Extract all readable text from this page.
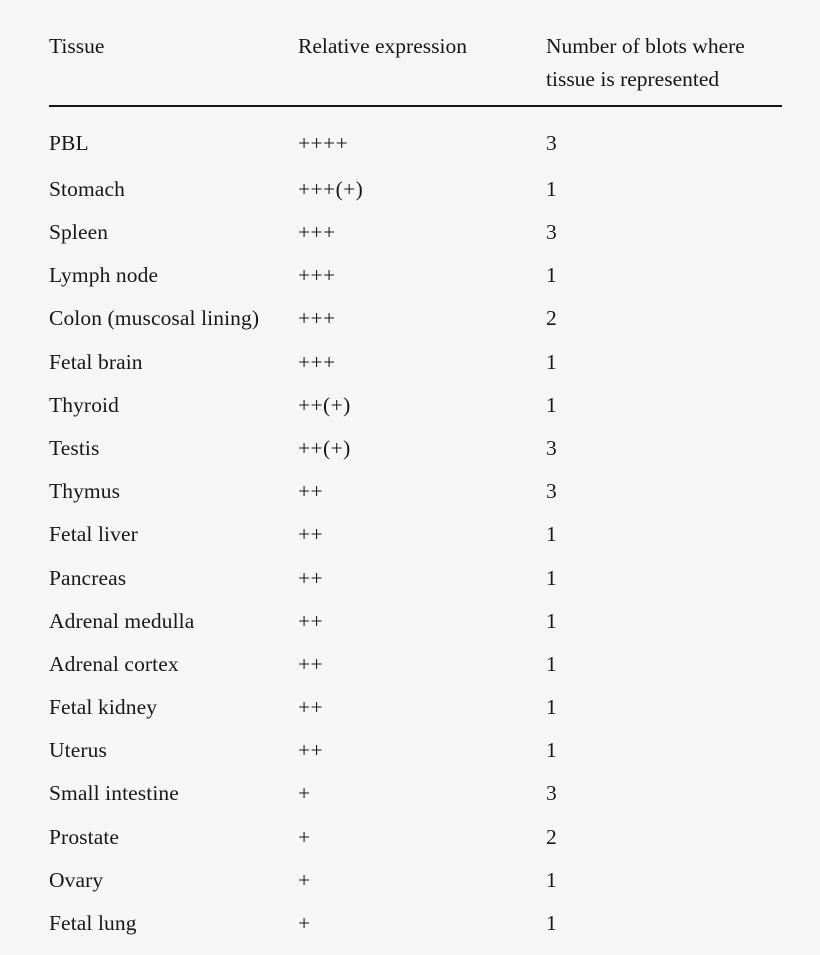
Tissue	Relative expression	Number of blots where
tissue is represented

PBL	++++	3
Stomach	+++(+)	1
Spleen	+++	3
Lymph node	+++	1
Colon (muscosal lining)	+++	2
Fetal brain	+++	1
Thyroid	++(+)	1
Testis	++(+)	3
Thymus	++	3
Fetal liver	++	1
Pancreas	++	1
Adrenal medulla	++	1
Adrenal cortex	++	1
Fetal kidney	++	1
Uterus	++	1
Small intestine	+	3
Prostate	+	2
Ovary	+	1
Fetal lung	+	1
